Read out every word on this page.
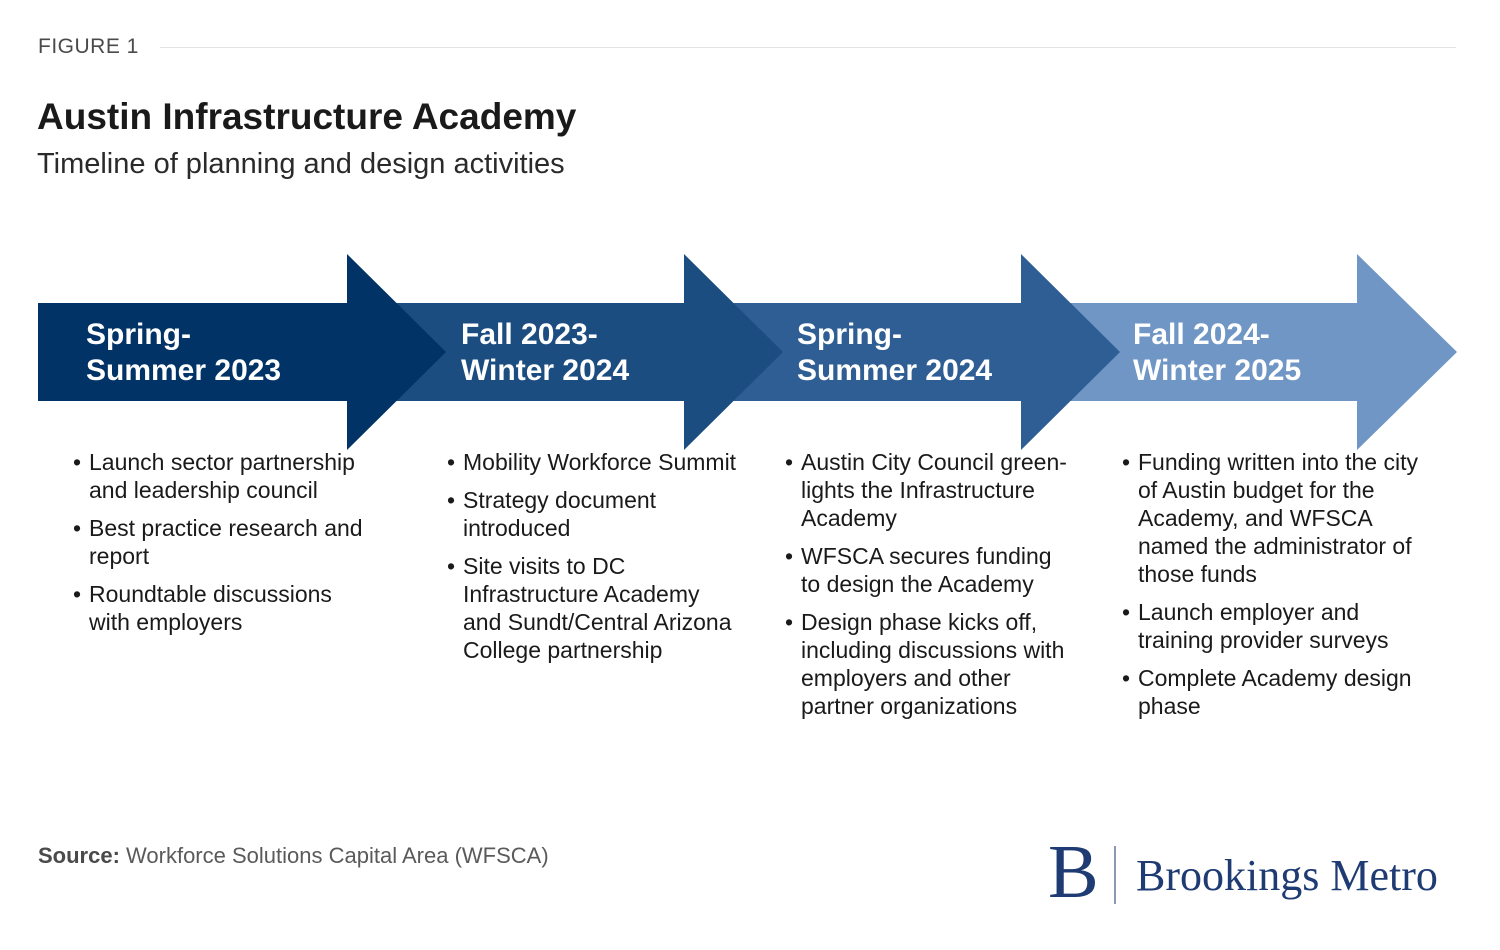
FIGURE 1
Austin Infrastructure Academy
Timeline of planning and design activities
Spring-
Summer 2023
Fall 2023-
Winter 2024
Spring-
Summer 2024
Fall 2024-
Winter 2025
• Launch sector partnership and leadership council
• Best practice research and report
• Roundtable discussions with employers
• Mobility Workforce Summit
• Strategy document introduced
• Site visits to DC Infrastructure Academy and Sundt/Central Arizona College partnership
• Austin City Council green-lights the Infrastructure Academy
• WFSCA secures funding to design the Academy
• Design phase kicks off, including discussions with employers and other partner organizations
• Funding written into the city of Austin budget for the Academy, and WFSCA named the administrator of those funds
• Launch employer and training provider surveys
• Complete Academy design phase
Source: Workforce Solutions Capital Area (WFSCA)	B Brookings Metro
